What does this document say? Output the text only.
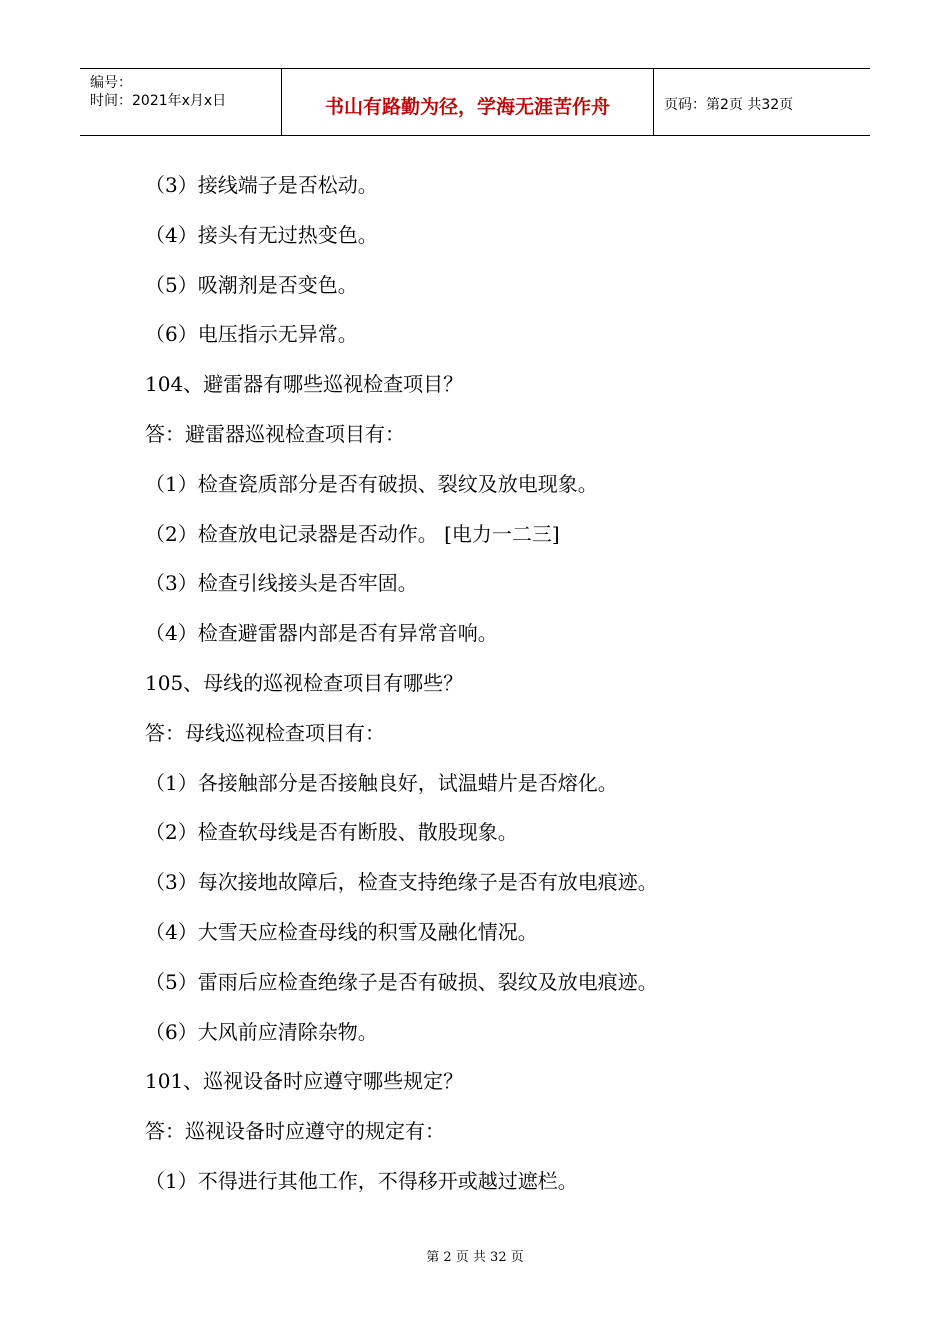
编号：
时间：2021年x月x日	书山有路勤为径，学海无涯苦作舟	页码：第2页 共32页
（3）接线端子是否松动。
（4）接头有无过热变色。
（5）吸潮剂是否变色。
（6）电压指示无异常。
104、避雷器有哪些巡视检查项目？
答：避雷器巡视检查项目有：
（1）检查瓷质部分是否有破损、裂纹及放电现象。
（2）检查放电记录器是否动作。 [电力一二三]
（3）检查引线接头是否牢固。
（4）检查避雷器内部是否有异常音响。
105、母线的巡视检查项目有哪些？
答：母线巡视检查项目有：
（1）各接触部分是否接触良好，试温蜡片是否熔化。
（2）检查软母线是否有断股、散股现象。
（3）每次接地故障后，检查支持绝缘子是否有放电痕迹。
（4）大雪天应检查母线的积雪及融化情况。
（5）雷雨后应检查绝缘子是否有破损、裂纹及放电痕迹。
（6）大风前应清除杂物。
101、巡视设备时应遵守哪些规定？
答：巡视设备时应遵守的规定有：
（1）不得进行其他工作，不得移开或越过遮栏。
第 2 页 共 32 页
